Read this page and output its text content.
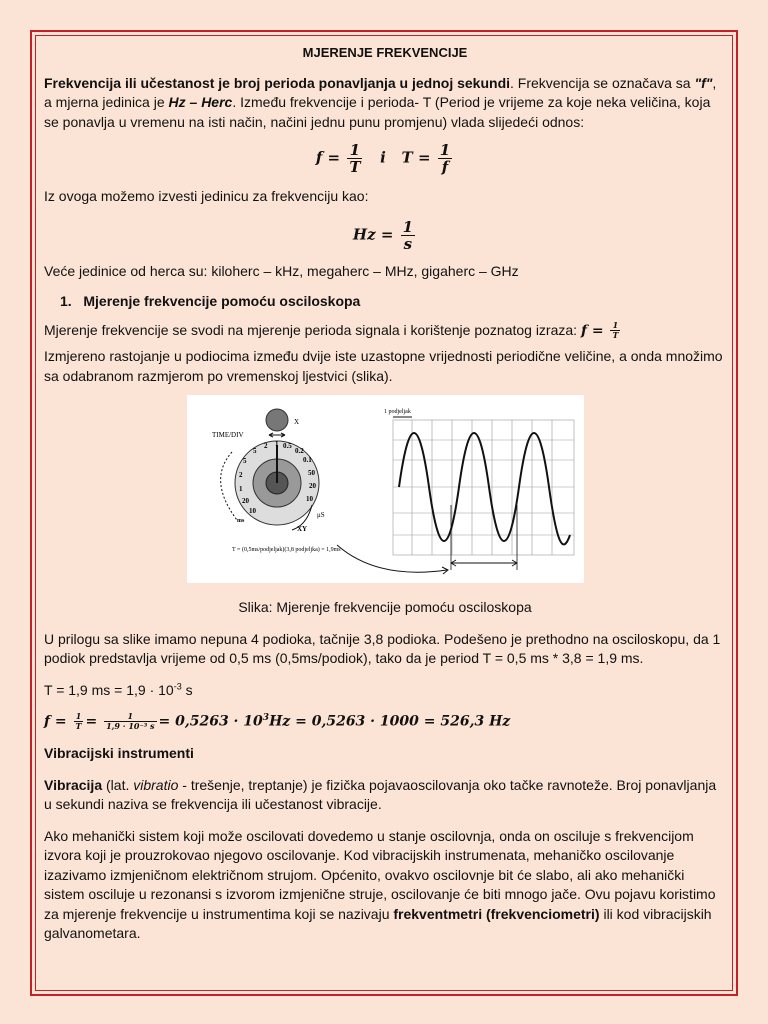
MJERENJE FREKVENCIJE

Frekvencija ili učestanost je broj perioda ponavljanja u jednoj sekundi. Frekvencija se označava sa "f", a mjerna jedinica je Hz – Herc. Između frekvencije i perioda- T (Period je vrijeme za koje neka veličina, koja se ponavlja u vremenu na isti način, načini jednu punu promjenu) vlada slijedeći odnos:

$f = \frac{1}{T}$ i $T = \frac{1}{f}$

Iz ovoga možemo izvesti jedinicu za frekvenciju kao:

$Hz = \frac{1}{s}$

Veće jedinice od herca su: kiloherc – kHz, megaherc – MHz, gigaherc – GHz

1. Mjerenje frekvencije pomoću osciloskopa

Mjerenje frekvencije se svodi na mjerenje perioda signala i korištenje poznatog izraza: $f = \frac{1}{T}$

Izmjereno rastojanje u podiocima između dvije iste uzastopne vrijednosti periodične veličine, a onda množimo sa odabranom razmjerom po vremenskoj ljestvici (slika).

X
TIME/DIV
5
2 1 0.5
0.2
0.1
50
20
10
5
2
1
20
10
ms
μS
XY
T = (0,5ms/podjeljak)(3,8 podjeljka) = 1,9ms
1 podjeljak

Slika: Mjerenje frekvencije pomoću osciloskopa

U prilogu sa slike imamo nepuna 4 podioka, tačnije 3,8 podioka. Podešeno je prethodno na osciloskopu, da 1 podiok predstavlja vrijeme od 0,5 ms (0,5ms/podiok), tako da je period T = 0,5 ms * 3,8 = 1,9 ms.

T = 1,9 ms = $1,9 \cdot 10^{-3}$ s

$f = \frac{1}{T} = \frac{1}{\text{1,9 · 10⁻³ s}} = 0,5263 \cdot 10^3Hz = 0,5263 \cdot 1000 = 526,3$ Hz

Vibracijski instrumenti

Vibracija (lat. vibratio - trešenje, treptanje) je fizička pojavaoscilovanja oko tačke ravnoteže. Broj ponavljanja u sekundi naziva se frekvencija ili učestanost vibracije.

Ako mehanički sistem koji može oscilovati dovedemo u stanje oscilovnja, onda on osciluje s frekvencijom izvora koji je prouzrokovao njegovo oscilovanje. Kod vibracijskih instrumenata, mehaničko oscilovanje izazivamo izmjeničnom električnom strujom. Općenito, ovakvo oscilovnje bit će slabo, ali ako mehanički sistem osciluje u rezonansi s izvorom izmjenične struje, oscilovanje će biti mnogo jače. Ovu pojavu koristimo za mjerenje frekvencije u instrumentima koji se nazivaju frekventmetri (frekvenciometri) ili kod vibracijskih galvanometara.
